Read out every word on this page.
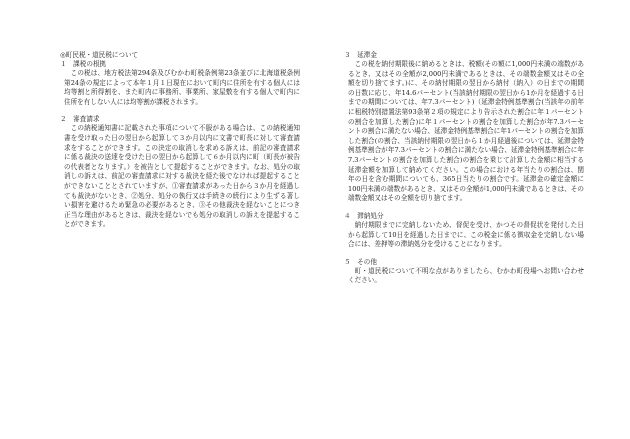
◎町民税・道民税について

１　課税の根拠

この税は、地方税法第294条及びむかわ町税条例第23条並びに北海道税条例第24条の規定によって本年１月１日現在において町内に住所を有する個人には均等割と所得割を、また町内に事務所、事業所、家屋敷を有する個人で町内に住所を有しない人には均等割が課税されます。

２　審査請求

この納税通知書に記載された事項について不服がある場合は、この納税通知書を受け取った日の翌日から起算して３か月以内に文書で町長に対して審査請求をすることができます。この決定の取消しを求める訴えは、前記の審査請求に係る裁決の送達を受けた日の翌日から起算して６か月以内に町（町長が被告の代表者となります。）を被告として提起することができます。なお、処分の取消しの訴えは、前記の審査請求に対する裁決を経た後でなければ提起することができないこととされていますが、①審査請求があった日から３か月を経過しても裁決がないとき、②処分、処分の執行又は手続きの続行により生ずる著しい損害を避けるため緊急の必要があるとき、③その他裁決を経ないことにつき正当な理由があるときは、裁決を経ないでも処分の取消しの訴えを提起することができます。

３　延滞金

この税を納付期限後に納めるときは、税額(その額に1,000円未満の端数があるとき、又はその全額が2,000円未満であるときは、その端数金額又はその全額を切り捨てます。)に、その納付期限の翌日から納付（納入）の日までの期間の日数に応じ、年14.6パーセント(当該納付期限の翌日から1か月を経過する日までの期間については、年7.3パーセント)（延滞金特例基準割合(当該年の前年に租税特別措置法第93条第２項の規定により告示された割合に年１パーセントの割合を加算した割合)に年１パーセントの割合を加算した割合が年7.3パーセントの割合に満たない場合、延滞金特例基準割合に年1パーセントの割合を加算した割合(の割合、当該納付期限の翌日から１か月経過後については、延滞金特例基準割合が年7.3パーセントの割合に満たない場合、延滞金特例基準割合に年7.3パーセントの割合を加算した割合)の割合を乗じて計算した金額に相当する延滞金額を加算して納めてください。この場合における年当たりの割合は、閏年の日を含む期間についても、365日当たりの割合です。延滞金の確定金額に100円未満の端数があるとき、又はその全額が1,000円未満であるときは、その端数金額又はその全額を切り捨てます。

４　滞納処分

納付期限までに完納しないため、督促を受け、かつその督促状を発付した日から起算して10日を経過した日までに、この税金に係る徴収金を完納しない場合には、差押等の滞納処分を受けることになります。

５　その他

町・道民税について不明な点がありましたら、むかわ町役場へお問い合わせください。
